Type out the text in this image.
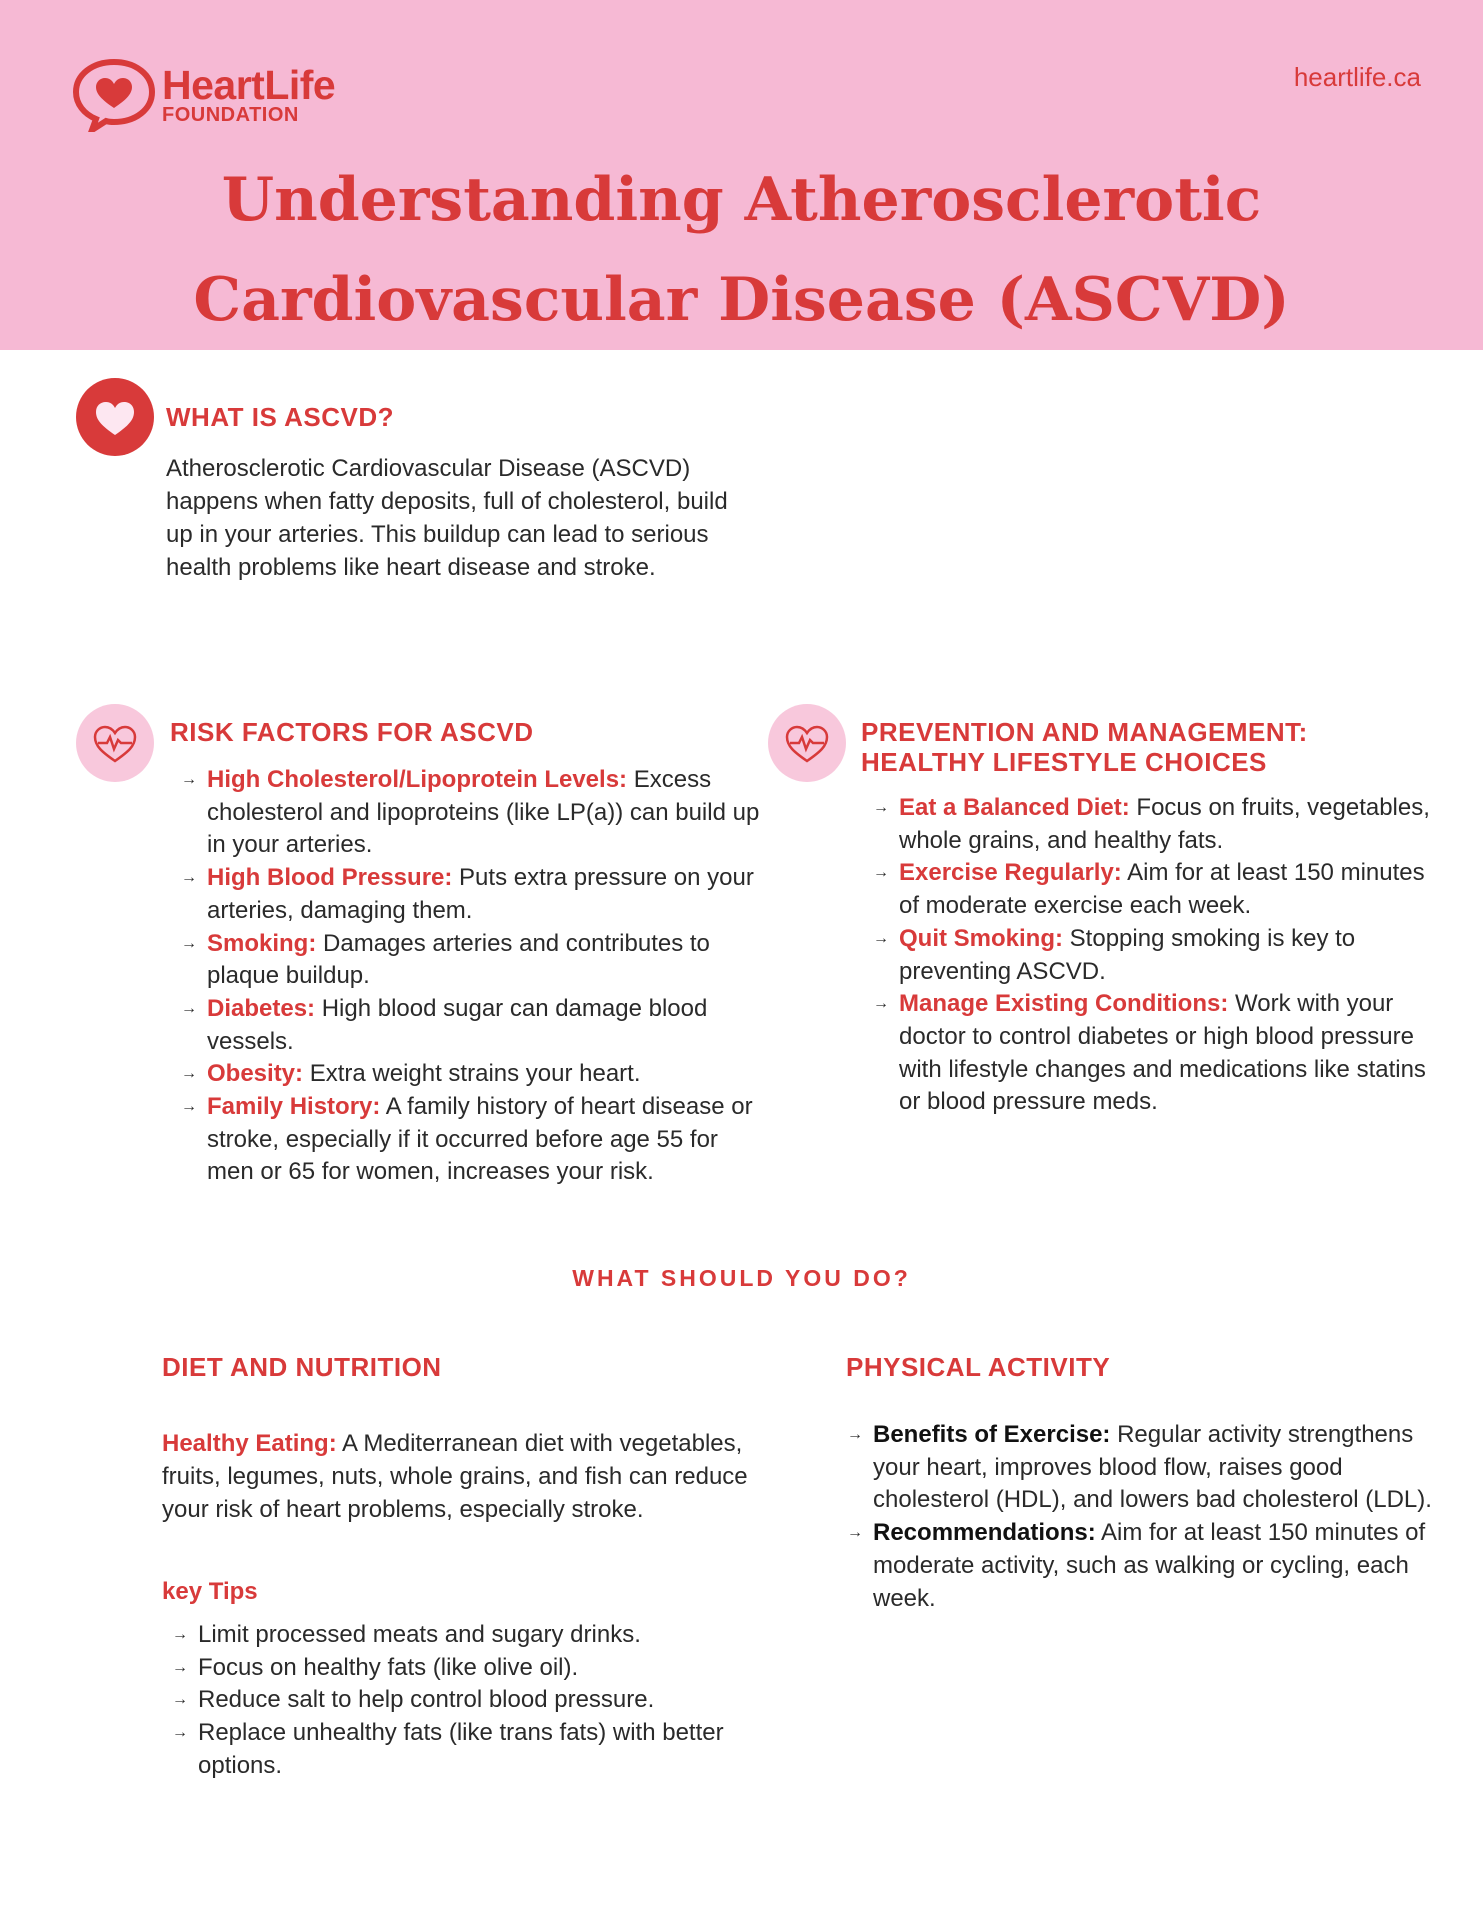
HeartLife
FOUNDATION
heartlife.ca
Understanding Atherosclerotic
Cardiovascular Disease (ASCVD)
WHAT IS ASCVD?
Atherosclerotic Cardiovascular Disease (ASCVD)
happens when fatty deposits, full of cholesterol, build
up in your arteries. This buildup can lead to serious
health problems like heart disease and stroke.
RISK FACTORS FOR ASCVD
→ High Cholesterol/Lipoprotein Levels: Excess cholesterol and lipoproteins (like LP(a)) can build up in your arteries.
→ High Blood Pressure: Puts extra pressure on your arteries, damaging them.
→ Smoking: Damages arteries and contributes to plaque buildup.
→ Diabetes: High blood sugar can damage blood vessels.
→ Obesity: Extra weight strains your heart.
→ Family History: A family history of heart disease or stroke, especially if it occurred before age 55 for men or 65 for women, increases your risk.
PREVENTION AND MANAGEMENT:
HEALTHY LIFESTYLE CHOICES
→ Eat a Balanced Diet: Focus on fruits, vegetables, whole grains, and healthy fats.
→ Exercise Regularly: Aim for at least 150 minutes of moderate exercise each week.
→ Quit Smoking: Stopping smoking is key to preventing ASCVD.
→ Manage Existing Conditions: Work with your doctor to control diabetes or high blood pressure with lifestyle changes and medications like statins or blood pressure meds.
WHAT SHOULD YOU DO?
DIET AND NUTRITION
Healthy Eating: A Mediterranean diet with vegetables, fruits, legumes, nuts, whole grains, and fish can reduce your risk of heart problems, especially stroke.
key Tips
→ Limit processed meats and sugary drinks.
→ Focus on healthy fats (like olive oil).
→ Reduce salt to help control blood pressure.
→ Replace unhealthy fats (like trans fats) with better options.
PHYSICAL ACTIVITY
→ Benefits of Exercise: Regular activity strengthens your heart, improves blood flow, raises good cholesterol (HDL), and lowers bad cholesterol (LDL).
→ Recommendations: Aim for at least 150 minutes of moderate activity, such as walking or cycling, each week.
